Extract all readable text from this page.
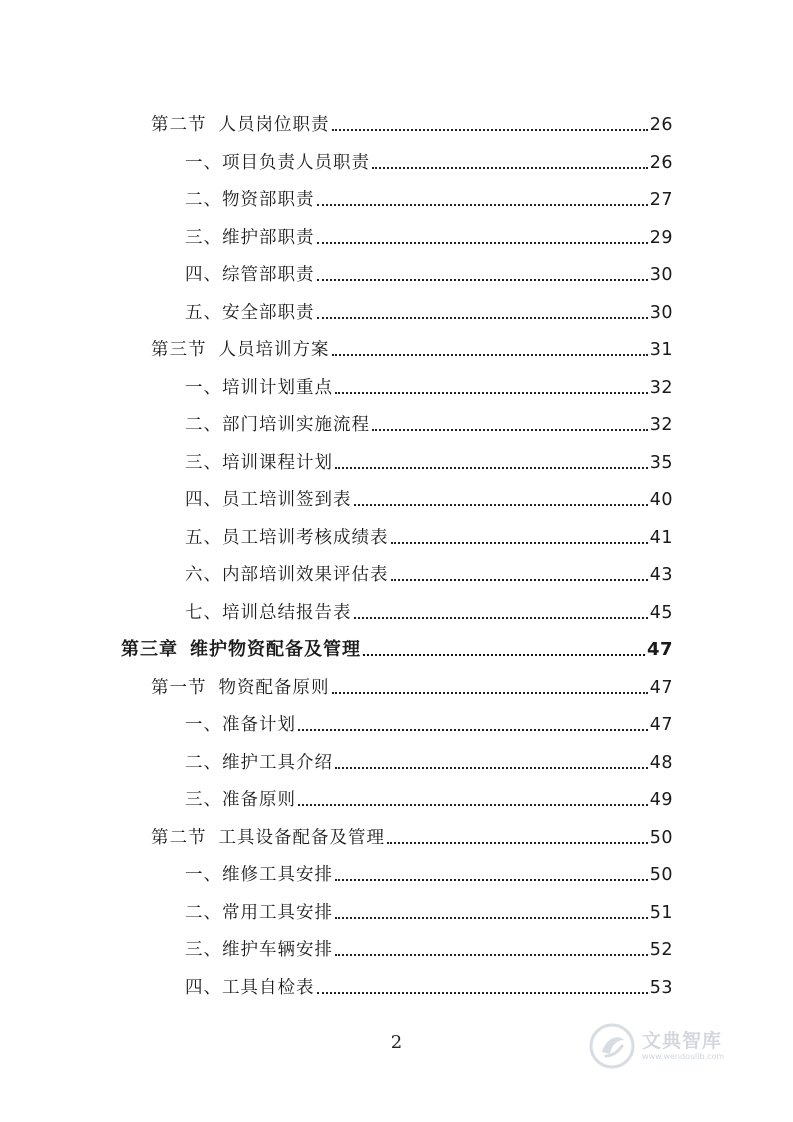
第二节 人员岗位职责	26
一、项目负责人员职责	26
二、物资部职责	27
三、维护部职责	29
四、综管部职责	30
五、安全部职责	30
第三节 人员培训方案	31
一、培训计划重点	32
二、部门培训实施流程	32
三、培训课程计划	35
四、员工培训签到表	40
五、员工培训考核成绩表	41
六、内部培训效果评估表	43
七、培训总结报告表	45
第三章 维护物资配备及管理	47
第一节 物资配备原则	47
一、准备计划	47
二、维护工具介绍	48
三、准备原则	49
第二节 工具设备配备及管理	50
一、维修工具安排	50
二、常用工具安排	51
三、维护车辆安排	52
四、工具自检表	53
2	文典智库
www.wendoulib.com
